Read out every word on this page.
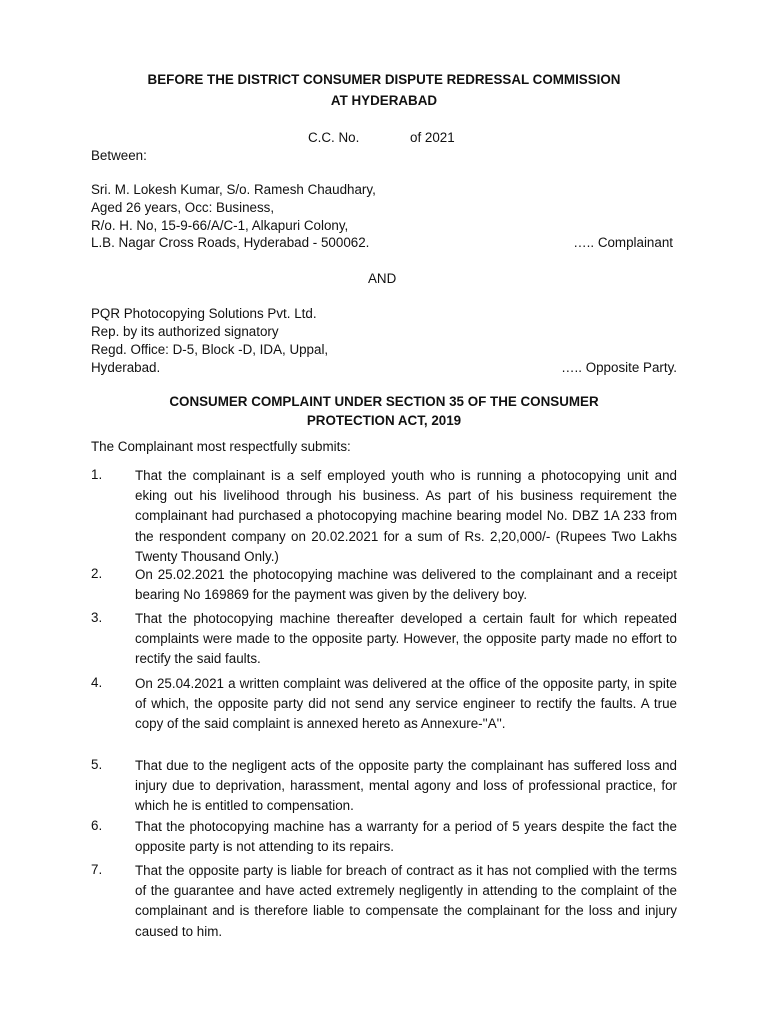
BEFORE THE DISTRICT CONSUMER DISPUTE REDRESSAL COMMISSION
AT HYDERABAD
C.C. No.	of 2021
Between:
Sri. M. Lokesh Kumar, S/o. Ramesh Chaudhary,
Aged 26 years, Occ: Business,
R/o. H. No, 15-9-66/A/C-1, Alkapuri Colony,
L.B. Nagar Cross Roads, Hyderabad - 500062.	….. Complainant
AND
PQR Photocopying Solutions Pvt. Ltd.
Rep. by its authorized signatory
Regd. Office: D-5, Block -D, IDA, Uppal,
Hyderabad.	….. Opposite Party.
CONSUMER COMPLAINT UNDER SECTION 35 OF THE CONSUMER
PROTECTION ACT, 2019
The Complainant most respectfully submits:
1. That the complainant is a self employed youth who is running a photocopying unit and eking out his livelihood through his business. As part of his business requirement the complainant had purchased a photocopying machine bearing model No. DBZ 1A 233 from the respondent company on 20.02.2021 for a sum of Rs. 2,20,000/- (Rupees Two Lakhs Twenty Thousand Only.)
2. On 25.02.2021 the photocopying machine was delivered to the complainant and a receipt bearing No 169869 for the payment was given by the delivery boy.
3. That the photocopying machine thereafter developed a certain fault for which repeated complaints were made to the opposite party. However, the opposite party made no effort to rectify the said faults.
4. On 25.04.2021 a written complaint was delivered at the office of the opposite party, in spite of which, the opposite party did not send any service engineer to rectify the faults. A true copy of the said complaint is annexed hereto as Annexure-''A''.
5. That due to the negligent acts of the opposite party the complainant has suffered loss and injury due to deprivation, harassment, mental agony and loss of professional practice, for which he is entitled to compensation.
6. That the photocopying machine has a warranty for a period of 5 years despite the fact the opposite party is not attending to its repairs.
7. That the opposite party is liable for breach of contract as it has not complied with the terms of the guarantee and have acted extremely negligently in attending to the complaint of the complainant and is therefore liable to compensate the complainant for the loss and injury caused to him.
